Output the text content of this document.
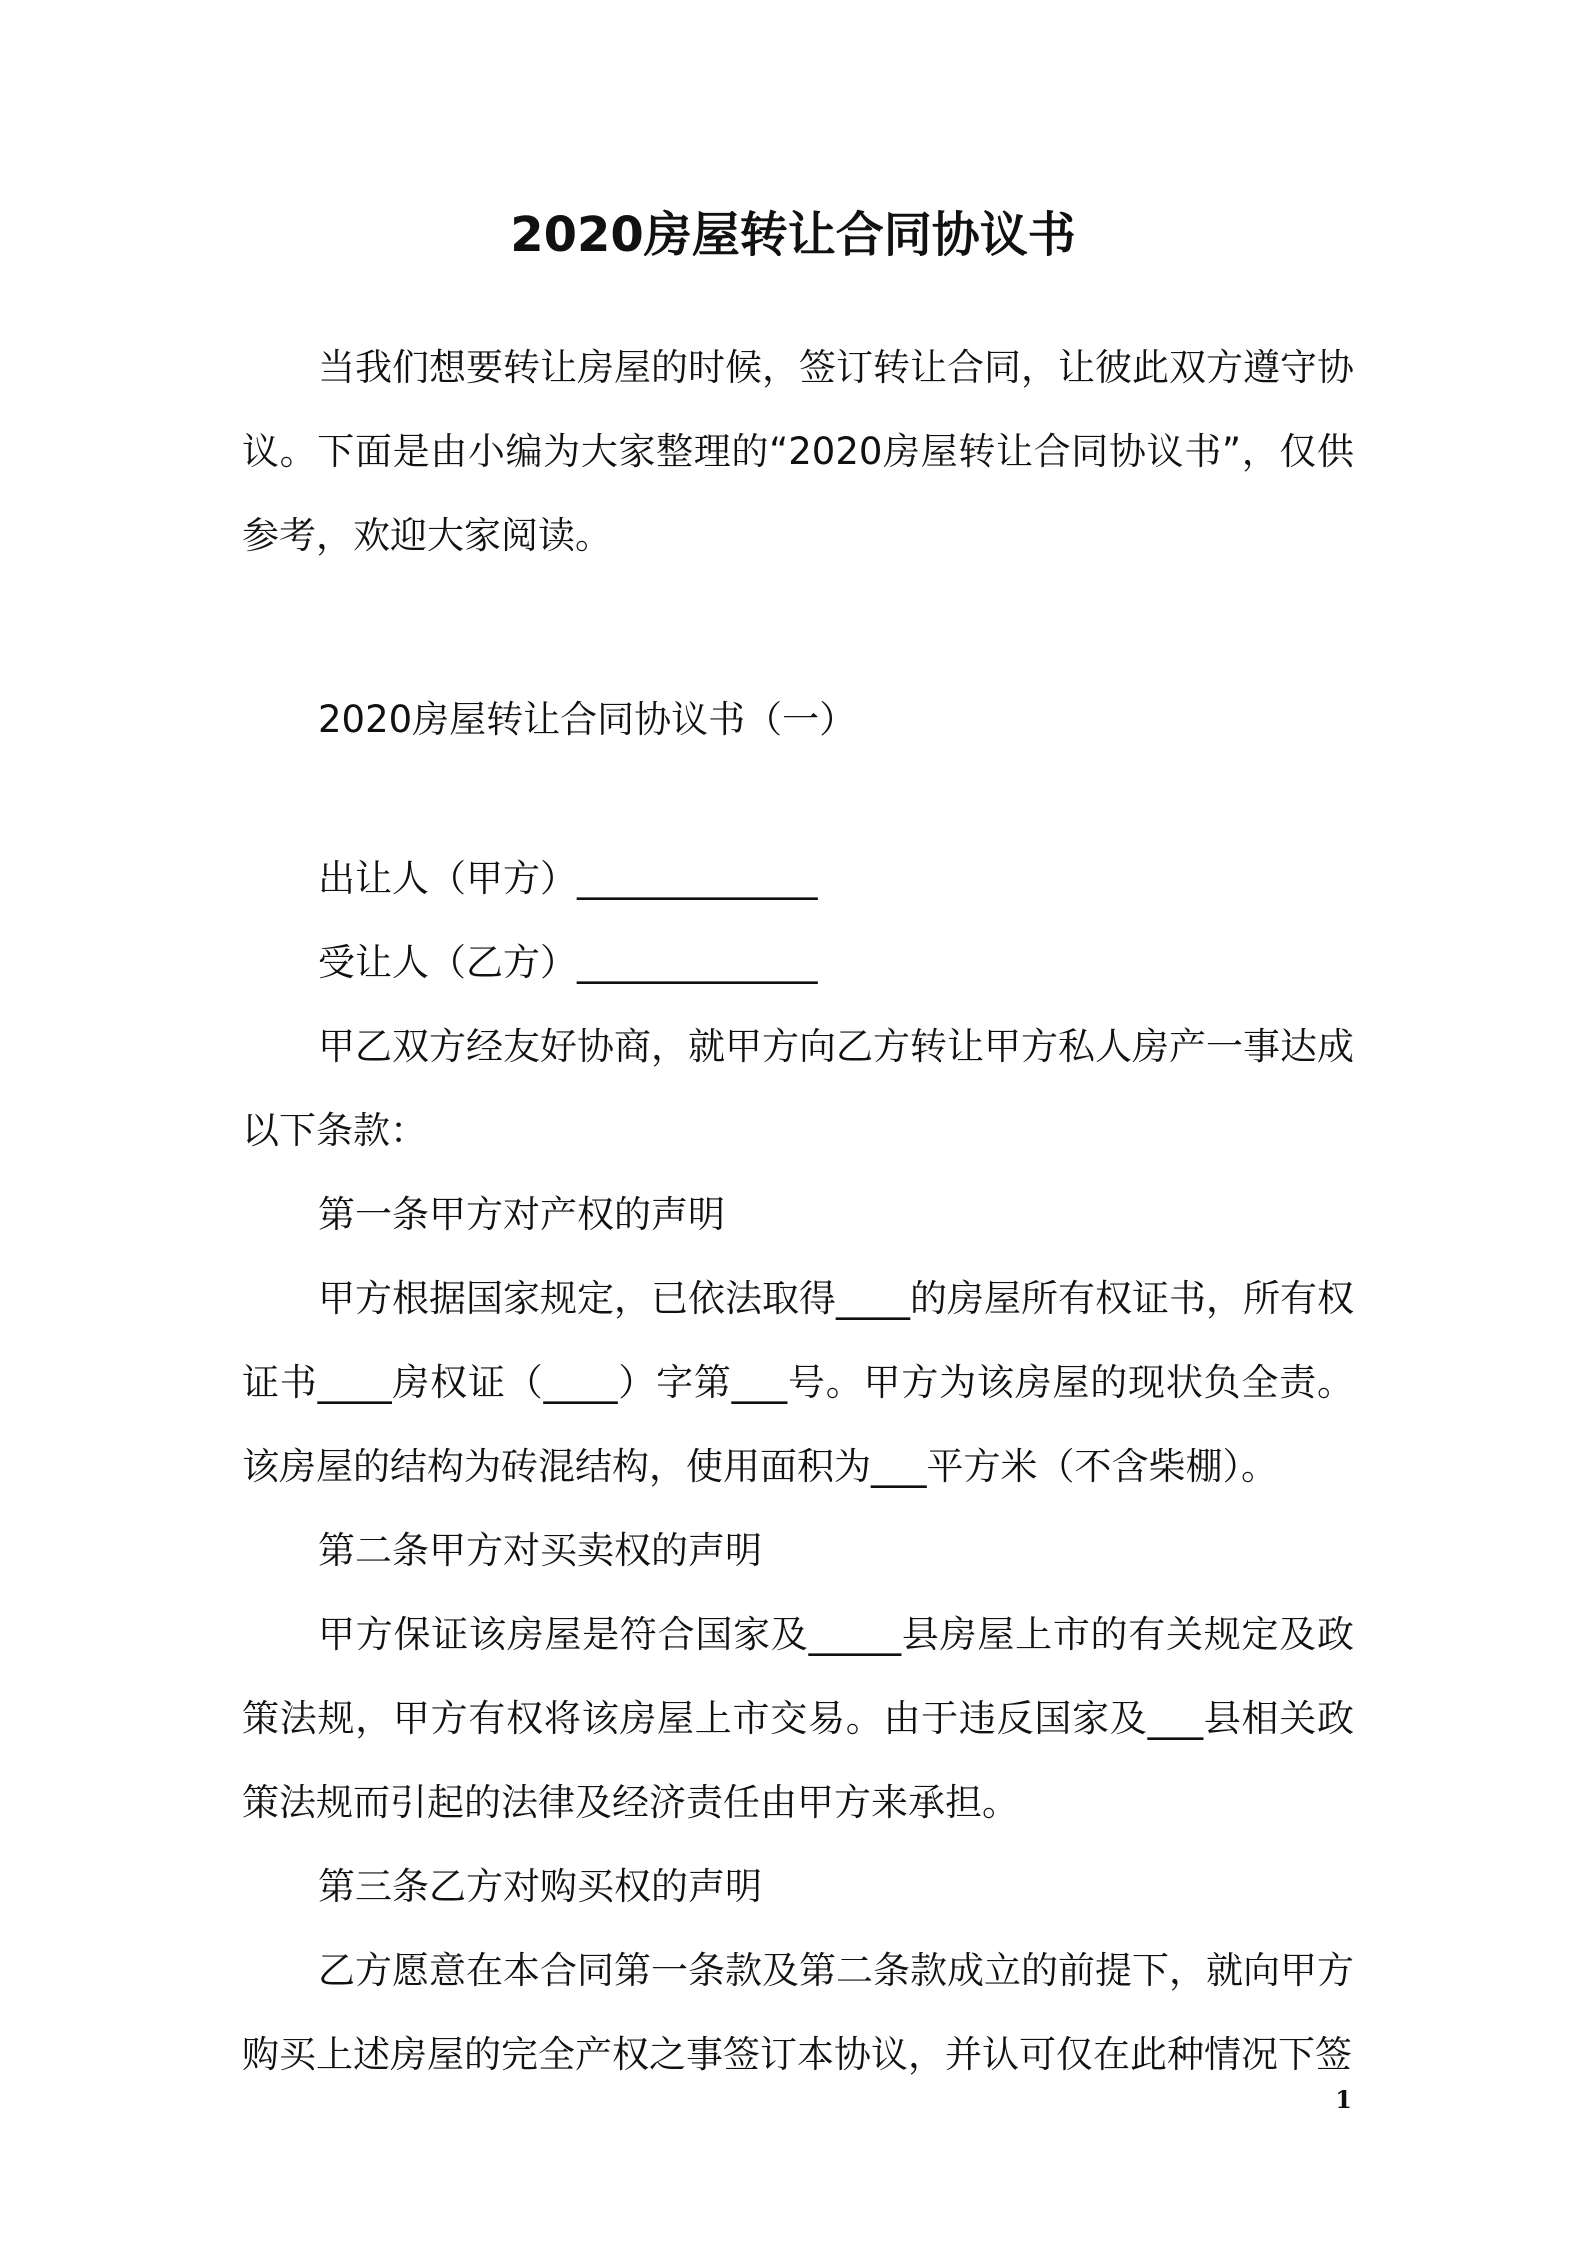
2020房屋转让合同协议书

当我们想要转让房屋的时候，签订转让合同，让彼此双方遵守协议。下面是由小编为大家整理的“2020房屋转让合同协议书”，仅供参考，欢迎大家阅读。

2020房屋转让合同协议书（一）

出让人（甲方）_____________

受让人（乙方）_____________

甲乙双方经友好协商，就甲方向乙方转让甲方私人房产一事达成以下条款：

第一条甲方对产权的声明

甲方根据国家规定，已依法取得____的房屋所有权证书，所有权证书____房权证（____）字第___号。甲方为该房屋的现状负全责。该房屋的结构为砖混结构，使用面积为___平方米（不含柴棚）。

第二条甲方对买卖权的声明

甲方保证该房屋是符合国家及_____县房屋上市的有关规定及政策法规，甲方有权将该房屋上市交易。由于违反国家及___县相关政策法规而引起的法律及经济责任由甲方来承担。

第三条乙方对购买权的声明

乙方愿意在本合同第一条款及第二条款成立的前提下，就向甲方购买上述房屋的完全产权之事签订本协议，并认可仅在此种情况下签

1
